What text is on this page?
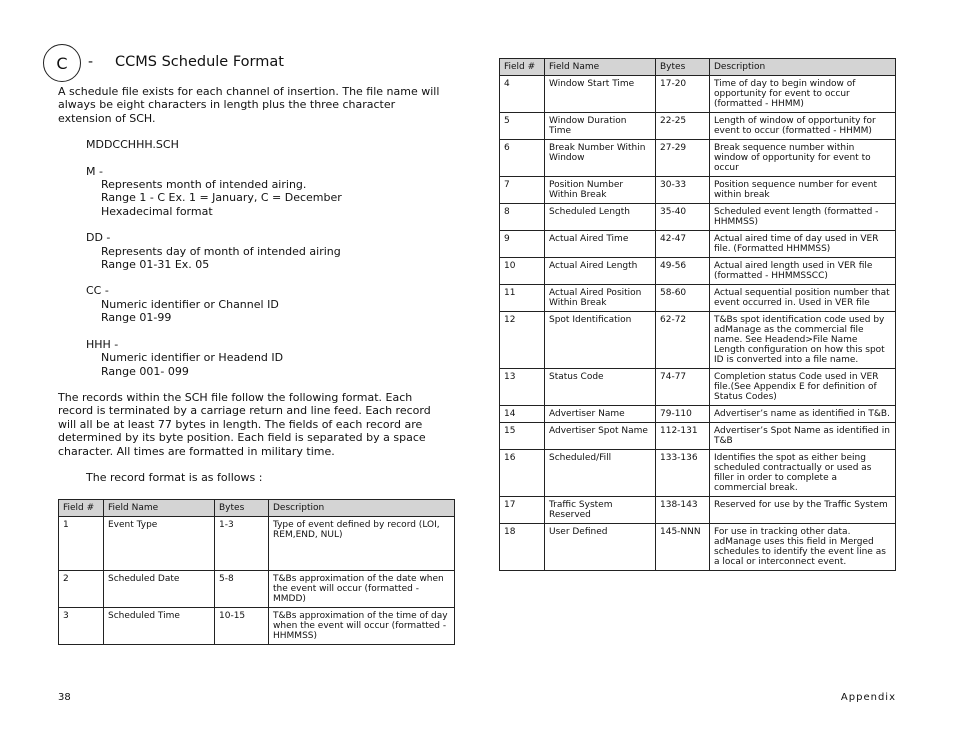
C - CCMS Schedule Format

A schedule file exists for each channel of insertion. The file name will always be eight characters in length plus the three character extension of SCH.

MDDCCHHH.SCH

M -

Represents month of intended airing.

Range 1 - C Ex. 1 = January, C = December

Hexadecimal format

DD -

Represents day of month of intended airing

Range 01-31 Ex. 05

CC -

Numeric identifier or Channel ID

Range 01-99

HHH -

Numeric identifier or Headend ID

Range 001- 099

The records within the SCH file follow the following format. Each record is terminated by a carriage return and line feed. Each record will all be at least 77 bytes in length. The fields of each record are determined by its byte position. Each field is separated by a space character. All times are formatted in military time.

The record format is as follows :

Field #	Field Name	Bytes	Description
1	Event Type	1-3	Type of event defined by record (LOI, REM,END, NUL)
2	Scheduled Date	5-8	T&Bs approximation of the date when the event will occur (formatted - MMDD)
3	Scheduled Time	10-15	T&Bs approximation of the time of day when the event will occur (formatted - HHMMSS)
Field #	Field Name	Bytes	Description
4	Window Start Time	17-20	Time of day to begin window of opportunity for event to occur (formatted - HHMM)
5	Window Duration Time	22-25	Length of window of opportunity for event to occur (formatted - HHMM)
6	Break Number Within Window	27-29	Break sequence number within window of opportunity for event to occur
7	Position Number Within Break	30-33	Position sequence number for event within break
8	Scheduled Length	35-40	Scheduled event length (formatted - HHMMSS)
9	Actual Aired Time	42-47	Actual aired time of day used in VER file. (Formatted HHMMSS)
10	Actual Aired Length	49-56	Actual aired length used in VER file (formatted - HHMMSSCC)
11	Actual Aired Position Within Break	58-60	Actual sequential position number that event occurred in. Used in VER file
12	Spot Identification	62-72	T&Bs spot identification code used by adManage as the commercial file name. See Headend>File Name Length configuration on how this spot ID is converted into a file name.
13	Status Code	74-77	Completion status Code used in VER file.(See Appendix E for definition of Status Codes)
14	Advertiser Name	79-110	Advertiser’s name as identified in T&B.
15	Advertiser Spot Name	112-131	Advertiser’s Spot Name as identified in T&B
16	Scheduled/Fill	133-136	Identifies the spot as either being scheduled contractually or used as filler in order to complete a commercial break.
17	Traffic System Reserved	138-143	Reserved for use by the Traffic System
18	User Defined	145-NNN	For use in tracking other data. adManage uses this field in Merged schedules to identify the event line as a local or interconnect event.
38	Appendix
